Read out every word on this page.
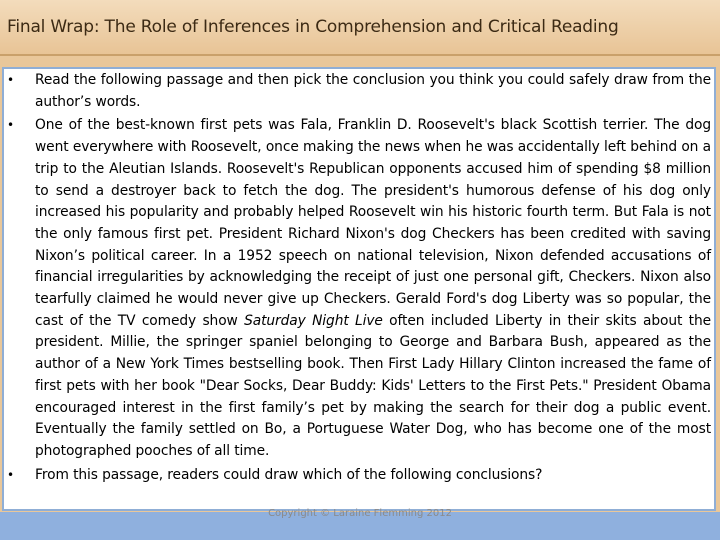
Final Wrap: The Role of Inferences in Comprehension and Critical Reading
• Read the following passage and then pick the conclusion you think you could safely draw from the author’s words.
• One of the best-known first pets was Fala, Franklin D. Roosevelt's black Scottish terrier. The dog went everywhere with Roosevelt, once making the news when he was accidentally left behind on a trip to the Aleutian Islands. Roosevelt's Republican opponents accused him of spending $8 million to send a destroyer back to fetch the dog. The president's humorous defense of his dog only increased his popularity and probably helped Roosevelt win his historic fourth term. But Fala is not the only famous first pet. President Richard Nixon's dog Checkers has been credited with saving Nixon’s political career. In a 1952 speech on national television, Nixon defended accusations of financial irregularities by acknowledging the receipt of just one personal gift, Checkers. Nixon also tearfully claimed he would never give up Checkers. Gerald Ford's dog Liberty was so popular, the cast of the TV comedy show Saturday Night Live often included Liberty in their skits about the president. Millie, the springer spaniel belonging to George and Barbara Bush, appeared as the author of a New York Times bestselling book. Then First Lady Hillary Clinton increased the fame of first pets with her book "Dear Socks, Dear Buddy: Kids' Letters to the First Pets." President Obama encouraged interest in the first family’s pet by making the search for their dog a public event. Eventually the family settled on Bo, a Portuguese Water Dog, who has become one of the most photographed pooches of all time.
• From this passage, readers could draw which of the following conclusions?
Copyright © Laraine Flemming 2012
